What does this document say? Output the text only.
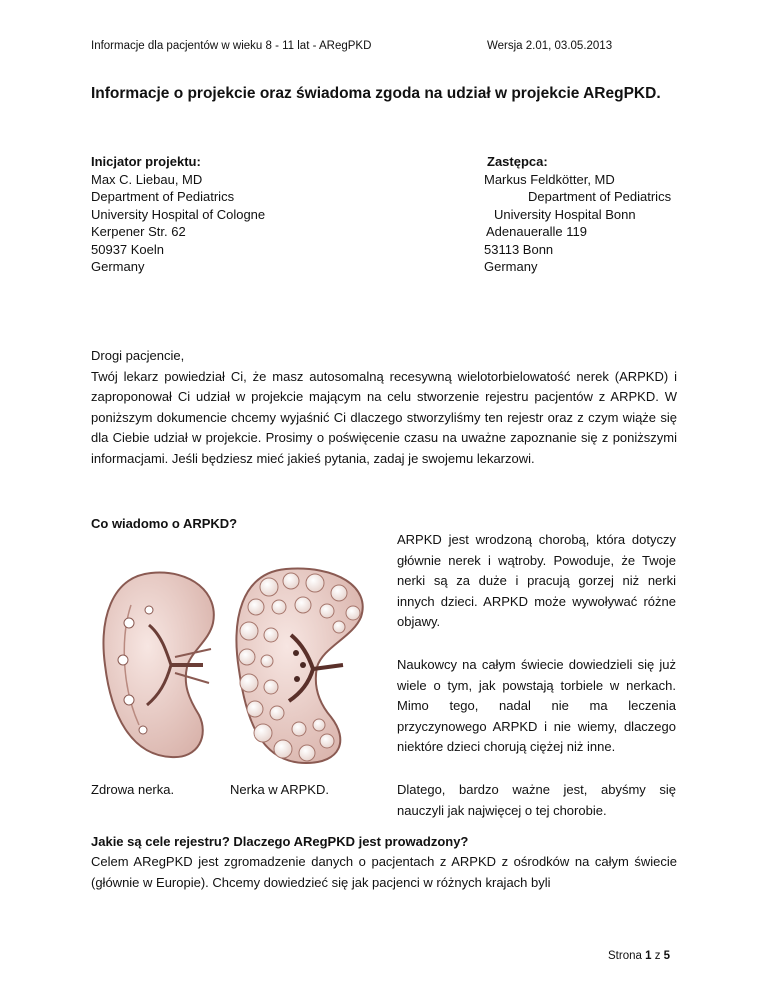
Informacje dla pacjentów w wieku 8 - 11 lat - ARegPKD	Wersja 2.01, 03.05.2013
Informacje o projekcie oraz świadoma zgoda na udział w projekcie ARegPKD.
Inicjator projektu:
Max C. Liebau, MD
Department of Pediatrics
University Hospital of Cologne
Kerpener Str. 62
50937 Koeln
Germany
Zastępca:
Markus Feldkötter, MD
Department of Pediatrics
University Hospital Bonn
Adenauerallе 119
53113 Bonn
Germany
Drogi pacjencie,
Twój lekarz powiedział Ci, że masz autosomalną recesywną wielotorbielowatość nerek (ARPKD) i zaproponował Ci udział w projekcie mającym na celu stworzenie rejestru pacjentów z ARPKD. W poniższym dokumencie chcemy wyjaśnić Ci dlaczego stworzyliśmy ten rejestr oraz z czym wiąże się dla Ciebie udział w projekcie. Prosimy o poświęcenie czasu na uważne zapoznanie się z poniższymi informacjami. Jeśli będziesz mieć jakieś pytania, zadaj je swojemu lekarzowi.
Co wiadomo o ARPKD?
ARPKD jest wrodzoną chorobą, która dotyczy głównie nerek i wątroby. Powoduje, że Twoje nerki są za duże i pracują gorzej niż nerki innych dzieci. ARPKD może wywoływać różne objawy.
Naukowcy na całym świecie dowiedzieli się już wiele o tym, jak powstają torbiele w nerkach. Mimo tego, nadal nie ma leczenia przyczynowego ARPKD i nie wiemy, dlaczego niektóre dzieci chorują ciężej niż inne.
Dlatego, bardzo ważne jest, abyśmy się nauczyli jak najwięcej o tej chorobie.
Zdrowa nerka.	Nerka w ARPKD.
Jakie są cele rejestru? Dlaczego ARegPKD jest prowadzony?
Celem ARegPKD jest zgromadzenie danych o pacjentach z ARPKD z ośrodków na całym świecie (głównie w Europie). Chcemy dowiedzieć się jak pacjenci w różnych krajach byli
Strona 1 z 5
